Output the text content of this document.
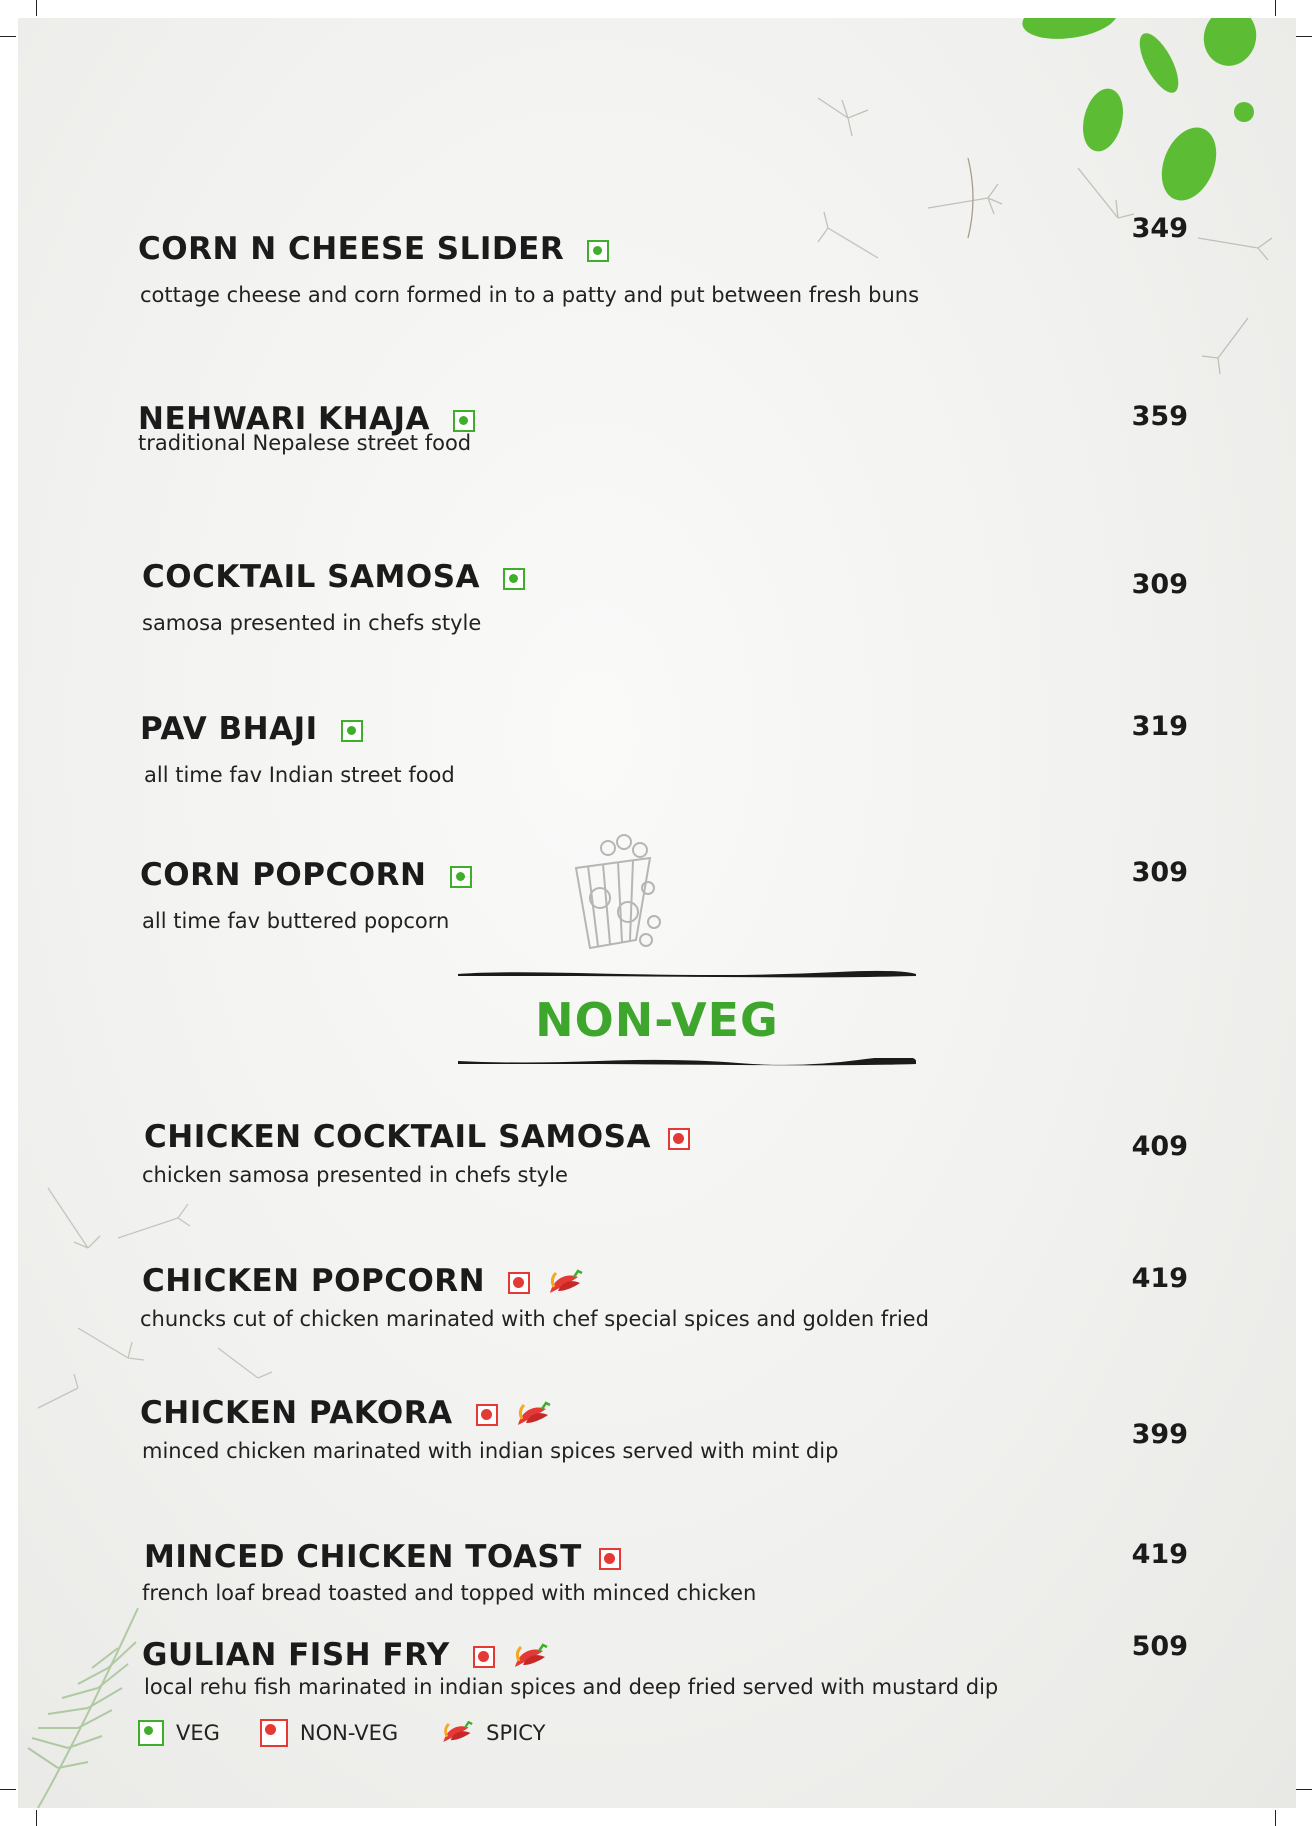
CORN N CHEESE SLIDER
cottage cheese and corn formed in to a patty and put between fresh buns
349
NEHWARI KHAJA
traditional Nepalese street food
359
COCKTAIL SAMOSA
samosa presented in chefs style
309
PAV BHAJI
all time fav Indian street food
319
CORN POPCORN
all time fav buttered popcorn
309
NON-VEG
CHICKEN COCKTAIL SAMOSA
chicken samosa presented in chefs style
409
CHICKEN POPCORN
chuncks cut of chicken marinated with chef special spices and golden fried
419
CHICKEN PAKORA
minced chicken marinated with indian spices served with mint dip
399
MINCED CHICKEN TOAST
french loaf bread toasted and topped with minced chicken
419
GULIAN FISH FRY
local rehu fish marinated in indian spices and deep fried served with mustard dip
509
VEG	NON-VEG	SPICY
